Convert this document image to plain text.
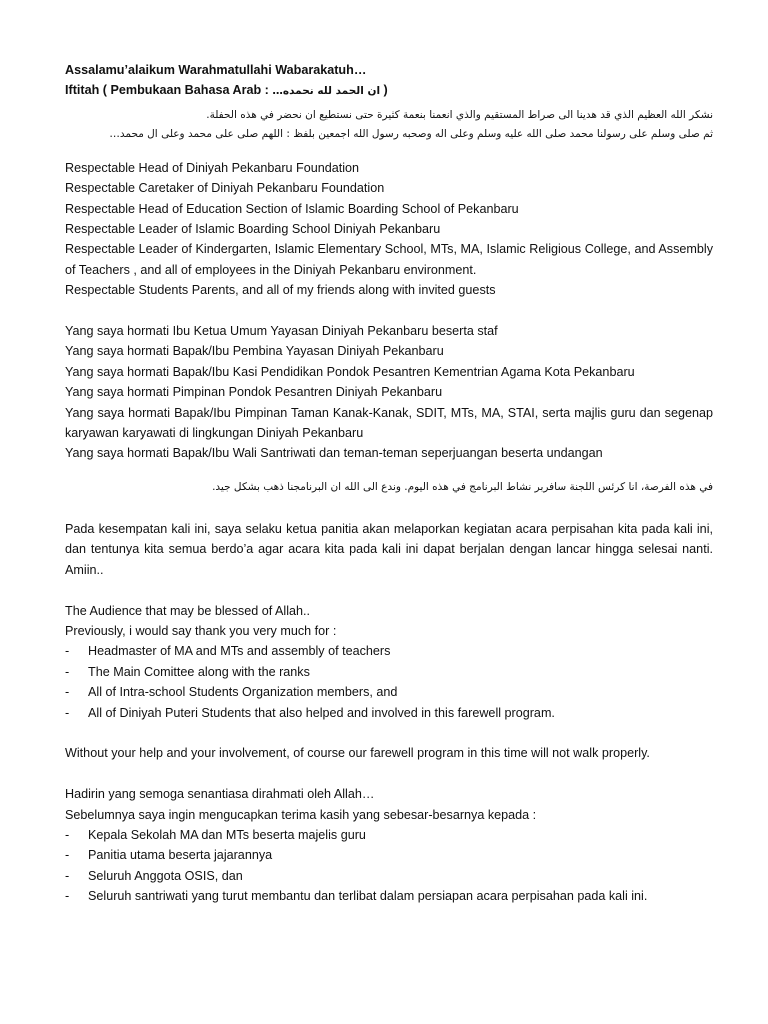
Assalamu’alaikum Warahmatullahi Wabarakatuh…
Iftitah ( Pembukaan Bahasa Arab : …ان الحمد لله نحمده )
نشكر الله العظيم الذي قد هدينا الى صراط المستقيم والذي انعمنا بنعمة كثيرة حتى نستطيع ان نحضر في هذه الحفلة.
ثم صلى وسلم على رسولنا محمد صلى الله عليه وسلم وعلى اله وصحبه رسول الله اجمعين بلفظ : اللهم صلى على محمد وعلى ال محمد…
Respectable Head of Diniyah Pekanbaru Foundation
Respectable Caretaker of Diniyah Pekanbaru Foundation
Respectable Head of Education Section of Islamic Boarding School of Pekanbaru
Respectable Leader of Islamic Boarding School Diniyah Pekanbaru
Respectable Leader of Kindergarten, Islamic Elementary School, MTs, MA, Islamic Religious College, and Assembly of Teachers , and all of employees in the Diniyah Pekanbaru environment.
Respectable Students Parents, and all of my friends along with invited guests
Yang saya hormati Ibu Ketua Umum Yayasan Diniyah Pekanbaru beserta staf
Yang saya hormati Bapak/Ibu Pembina Yayasan Diniyah Pekanbaru
Yang saya hormati Bapak/Ibu Kasi Pendidikan Pondok Pesantren Kementrian Agama Kota Pekanbaru
Yang saya hormati Pimpinan Pondok Pesantren Diniyah Pekanbaru
Yang saya hormati Bapak/Ibu Pimpinan Taman Kanak-Kanak, SDIT, MTs, MA, STAI, serta majlis guru dan segenap karyawan karyawati di lingkungan Diniyah Pekanbaru
Yang saya hormati Bapak/Ibu Wali Santriwati dan teman-teman seperjuangan beserta undangan
في هذه الفرصة، انا كرئس اللجنة سافربر نشاط البرنامج في هذه اليوم. وندع الى الله ان البرنامجنا ذهب بشكل جيد.
Pada kesempatan kali ini, saya selaku ketua panitia akan melaporkan kegiatan acara perpisahan kita pada kali ini, dan tentunya kita semua berdo’a agar acara kita pada kali ini dapat berjalan dengan lancar hingga selesai nanti. Amiin..
The Audience that may be blessed of Allah..
Previously, i would say thank you very much for :
- Headmaster of MA and MTs and assembly of teachers
- The Main Comittee along with the ranks
- All of Intra-school Students Organization members, and
- All of Diniyah Puteri Students that also helped and involved in this farewell program.
Without your help and your involvement, of course our farewell program in this time will not walk properly.
Hadirin yang semoga senantiasa dirahmati oleh Allah…
Sebelumnya saya ingin mengucapkan terima kasih yang sebesar-besarnya kepada :
- Kepala Sekolah MA dan MTs beserta majelis guru
- Panitia utama beserta jajarannya
- Seluruh Anggota OSIS, dan
- Seluruh santriwati yang turut membantu dan terlibat dalam persiapan acara perpisahan pada kali ini.
